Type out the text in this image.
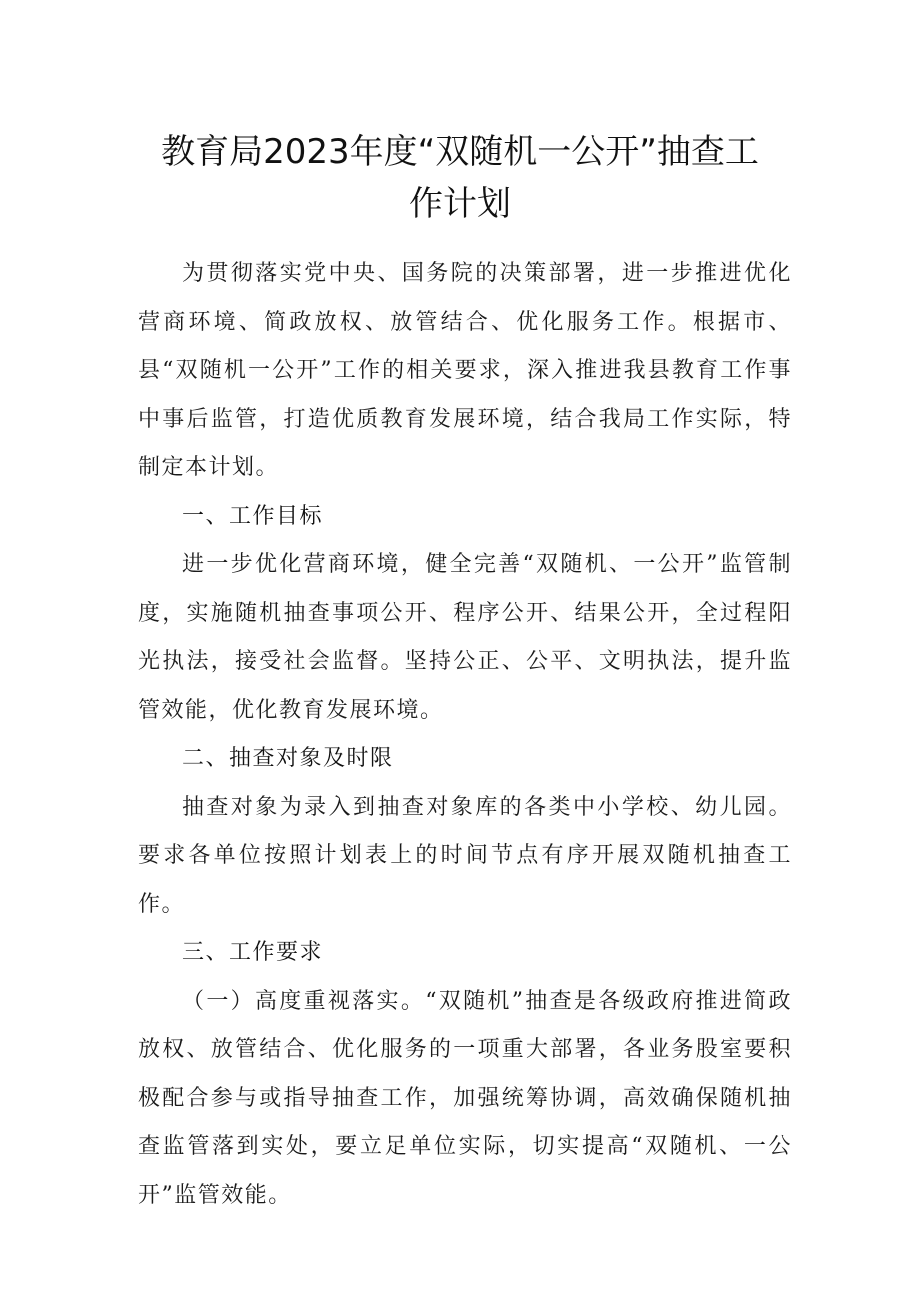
教育局2023年度“双随机一公开”抽查工
作计划

为贯彻落实党中央、国务院的决策部署，进一步推进优化营商环境、简政放权、放管结合、优化服务工作。根据市、县“双随机一公开”工作的相关要求，深入推进我县教育工作事中事后监管，打造优质教育发展环境，结合我局工作实际，特制定本计划。

一、工作目标

进一步优化营商环境，健全完善“双随机、一公开”监管制度，实施随机抽查事项公开、程序公开、结果公开，全过程阳光执法，接受社会监督。坚持公正、公平、文明执法，提升监管效能，优化教育发展环境。

二、抽查对象及时限

抽查对象为录入到抽查对象库的各类中小学校、幼儿园。要求各单位按照计划表上的时间节点有序开展双随机抽查工作。

三、工作要求

（一）高度重视落实。“双随机”抽查是各级政府推进简政放权、放管结合、优化服务的一项重大部署，各业务股室要积极配合参与或指导抽查工作，加强统筹协调，高效确保随机抽查监管落到实处，要立足单位实际，切实提高“双随机、一公开”监管效能。
